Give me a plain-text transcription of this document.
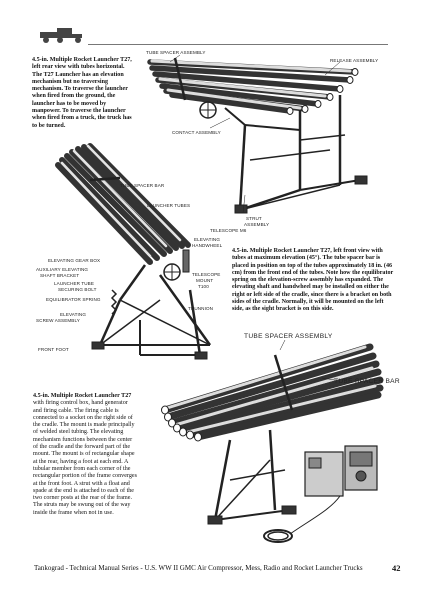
TUBE SPACER ASSEMBLY
RELEASE ASSEMBLY
CONTACT ASSEMBLY
STRUT
ASSEMBLY
4.5-in. Multiple Rocket Launcher T27, left rear view with tubes horizontal. The T27 Launcher has an elevation mechanism but no traversing mechanism. To traverse the launcher when fired from the ground, the launcher has to be moved by manpower. To traverse the launcher when fired from a truck, the truck has to be turned.
TUBE SPACER BAR
LAUNCHER TUBES
TELESCOPE M6
ELEVATING
HANDWHEEL
ELEVATING GEAR BOX
AUXILIARY ELEVATING
SHAFT BRACKET	TELESCOPE
MOUNT
T100
LAUNCHER TUBE
SECURING BOLT
EQUILIBRATOR SPRING
TRUNNION
ELEVATING
SCREW ASSEMBLY
FRONT FOOT
4.5-in. Multiple Rocket Launcher T27, left front view with tubes at maximum elevation (45°). The tube spacer bar is placed in position on top of the tubes approximately 18 in. (46 cm) from the front end of the tubes. Note how the equilibrator spring on the elevation-screw assembly has expanded. The elevating shaft and handwheel may be installed on either the right or left side of the cradle, since there is a bracket on both sides of the cradle. Normally, it will be mounted on the left side, as the sight bracket is on this side.
TUBE SPACER ASSEMBLY
TUBE SPACER BAR
4.5-in. Multiple Rocket Launcher T27 with firing control box, hand generator and firing cable. The firing cable is connected to a socket on the right side of the cradle. The mount is made principally of welded steel tubing. The elevating mechanism functions between the center of the cradle and the forward part of the mount. The mount is of rectangular shape at the rear, having a foot at each end. A tubular member from each corner of the rectangular portion of the frame converges at the front foot. A strut with a float and spade at the end is attached to each of the two corner posts at the rear of the frame. The struts may be swung out of the way inside the frame when not in use.
Tankograd - Technical Manual Series - U.S. WW II GMC Air Compressor, Mess, Radio and Rocket Launcher Trucks	42
